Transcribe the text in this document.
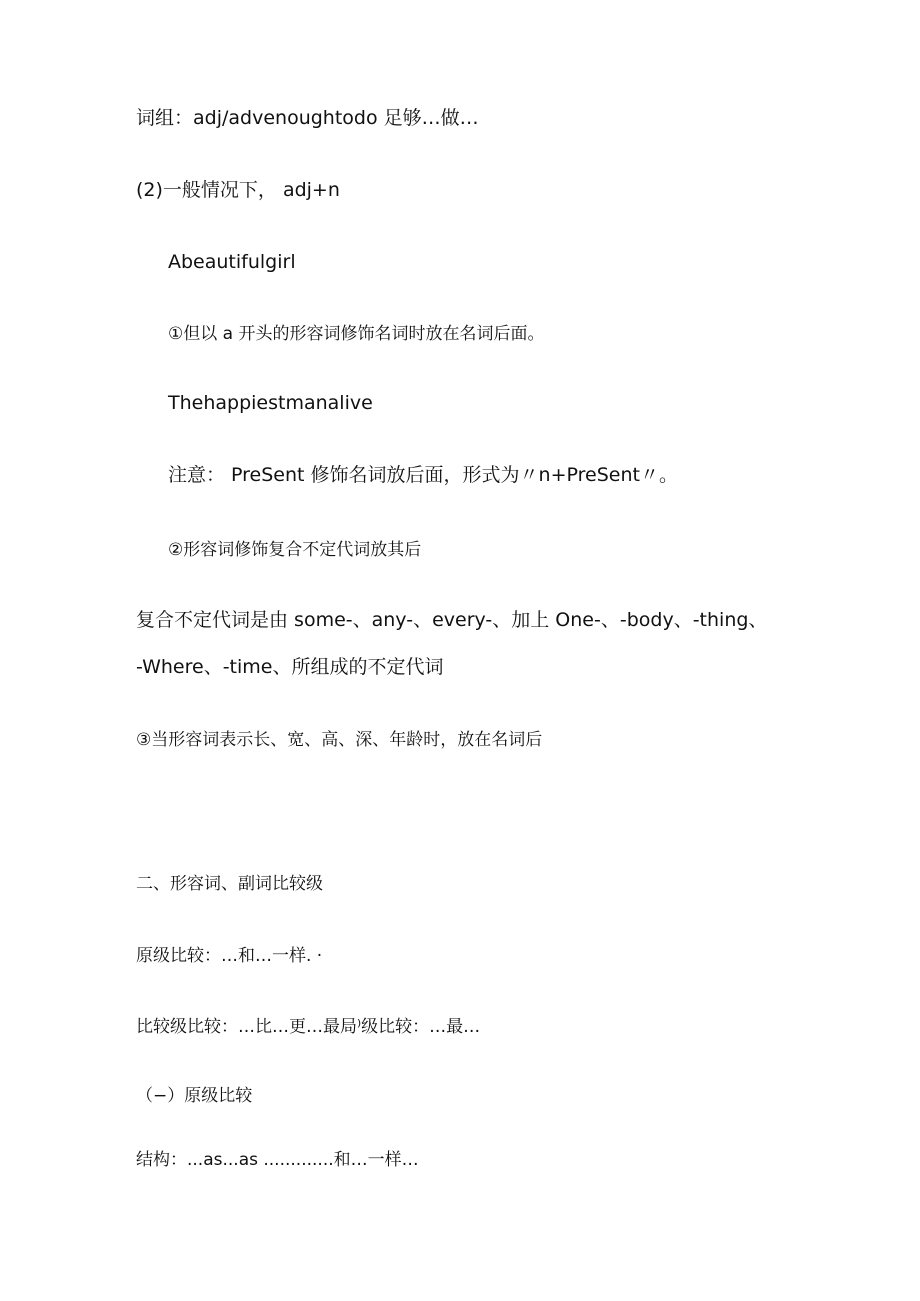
词组：adj/advenoughtodo 足够…做…
(2)一般情况下， adj+n
Abeautifulgirl
①但以 a 开头的形容词修饰名词时放在名词后面。
Thehappiestmanalive
注意： PreSent 修饰名词放后面，形式为〃n+PreSent〃。
②形容词修饰复合不定代词放其后
复合不定代词是由 some-、any-、every-、加上 One-、-body、-thing、
-Where、-time、所组成的不定代词
③当形容词表示长、宽、高、深、年龄时，放在名词后
二、形容词、副词比较级
原级比较：…和…一样. ·
比较级比较：…比…更…最局⁾级比较：…最…
（−）原级比较
结构：...as...as .............和…一样…
